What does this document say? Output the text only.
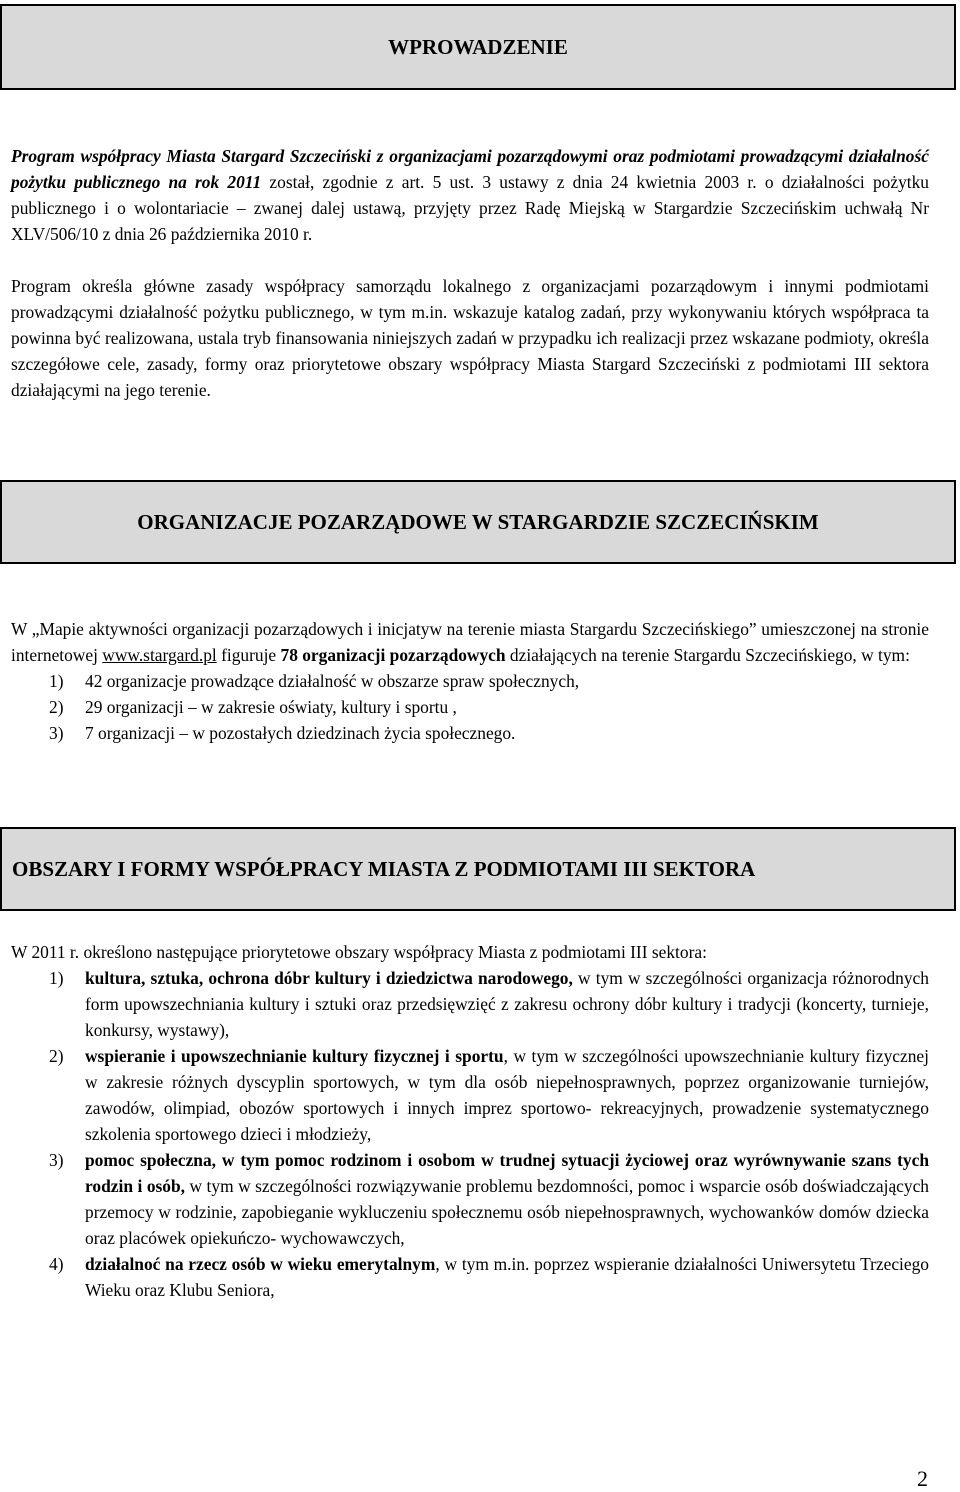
WPROWADZENIE
Program współpracy Miasta Stargard Szczeciński z organizacjami pozarządowymi oraz podmiotami prowadzącymi działalność pożytku publicznego na rok 2011 został, zgodnie z art. 5 ust. 3 ustawy z dnia 24 kwietnia 2003 r. o działalności pożytku publicznego i o wolontariacie – zwanej dalej ustawą, przyjęty przez Radę Miejską w Stargardzie Szczecińskim uchwałą Nr XLV/506/10 z dnia 26 października 2010 r.
Program określa główne zasady współpracy samorządu lokalnego z organizacjami pozarządowym i innymi podmiotami prowadzącymi działalność pożytku publicznego, w tym m.in. wskazuje katalog zadań, przy wykonywaniu których współpraca ta powinna być realizowana, ustala tryb finansowania niniejszych zadań w przypadku ich realizacji przez wskazane podmioty, określa szczegółowe cele, zasady, formy oraz priorytetowe obszary współpracy Miasta Stargard Szczeciński z podmiotami III sektora działającymi na jego terenie.
ORGANIZACJE POZARZĄDOWE W STARGARDZIE SZCZECIŃSKIM
W „Mapie aktywności organizacji pozarządowych i inicjatyw na terenie miasta Stargardu Szczecińskiego” umieszczonej na stronie internetowej www.stargard.pl figuruje 78 organizacji pozarządowych działających na terenie Stargardu Szczecińskiego, w tym:
1) 42 organizacje prowadzące działalność w obszarze spraw społecznych,
2) 29 organizacji – w zakresie oświaty, kultury i sportu ,
3) 7 organizacji – w pozostałych dziedzinach życia społecznego.
OBSZARY I FORMY WSPÓŁPRACY MIASTA Z PODMIOTAMI III SEKTORA
W 2011 r. określono następujące priorytetowe obszary współpracy Miasta z podmiotami III sektora:
1) kultura, sztuka, ochrona dóbr kultury i dziedzictwa narodowego, w tym w szczególności organizacja różnorodnych form upowszechniania kultury i sztuki oraz przedsięwzięć z zakresu ochrony dóbr kultury i tradycji (koncerty, turnieje, konkursy, wystawy),
2) wspieranie i upowszechnianie kultury fizycznej i sportu, w tym w szczególności upowszechnianie kultury fizycznej w zakresie różnych dyscyplin sportowych, w tym dla osób niepełnosprawnych, poprzez organizowanie turniejów, zawodów, olimpiad, obozów sportowych i innych imprez sportowo- rekreacyjnych, prowadzenie systematycznego szkolenia sportowego dzieci i młodzieży,
3) pomoc społeczna, w tym pomoc rodzinom i osobom w trudnej sytuacji życiowej oraz wyrównywanie szans tych rodzin i osób, w tym w szczególności rozwiązywanie problemu bezdomności, pomoc i wsparcie osób doświadczających przemocy w rodzinie, zapobieganie wykluczeniu społecznemu osób niepełnosprawnych, wychowanków domów dziecka oraz placówek opiekuńczo- wychowawczych,
4) działalnoć na rzecz osób w wieku emerytalnym, w tym m.in. poprzez wspieranie działalności Uniwersytetu Trzeciego Wieku oraz Klubu Seniora,
2
